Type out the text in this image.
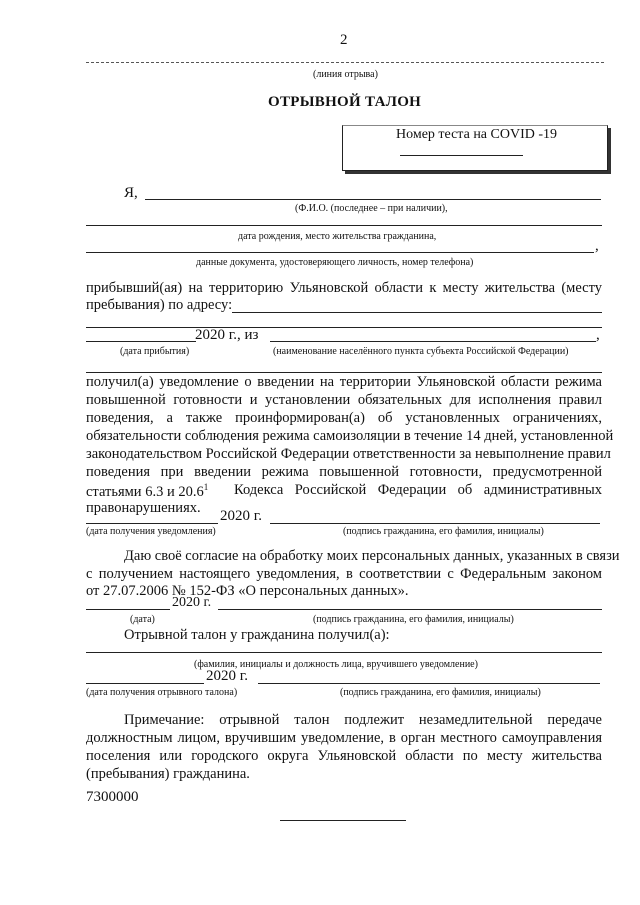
2
(линия отрыва)
ОТРЫВНОЙ ТАЛОН
Номер теста на COVID -19
Я,
(Ф.И.О. (последнее – при наличии),
дата рождения, место жительства гражданина,
,
данные документа, удостоверяющего личность, номер телефона)
прибывший(ая) на территорию Ульяновской области к месту жительства (месту
пребывания) по адресу:
2020 г., из	,
(дата прибытия)	(наименование населённого пункта субъекта Российской Федерации)
получил(а) уведомление о введении на территории Ульяновской области режима
повышенной готовности и установлении обязательных для исполнения правил
поведения, а также проинформирован(а) об установленных ограничениях,
обязательности соблюдения режима самоизоляции в течение 14 дней, установленной
законодательством Российской Федерации ответственности за невыполнение правил
поведения при введении режима повышенной готовности, предусмотренной
статьями 6.3 и 20.6$^1$ Кодекса Российской Федерации об административных
правонарушениях. 2020 г.
(дата получения уведомления)	(подпись гражданина, его фамилия, инициалы)
Даю своё согласие на обработку моих персональных данных, указанных в связи
с получением настоящего уведомления, в соответствии с Федеральным законом
от 27.07.2006 № 152-ФЗ «О персональных данных».
2020 г.
(дата)	(подпись гражданина, его фамилия, инициалы)
Отрывной талон у гражданина получил(а):
(фамилия, инициалы и должность лица, вручившего уведомление)
2020 г.
(дата получения отрывного талона)	(подпись гражданина, его фамилия, инициалы)
Примечание: отрывной талон подлежит незамедлительной передаче
должностным лицом, вручившим уведомление, в орган местного самоуправления
поселения или городского округа Ульяновской области по месту жительства
(пребывания) гражданина.
7300000
